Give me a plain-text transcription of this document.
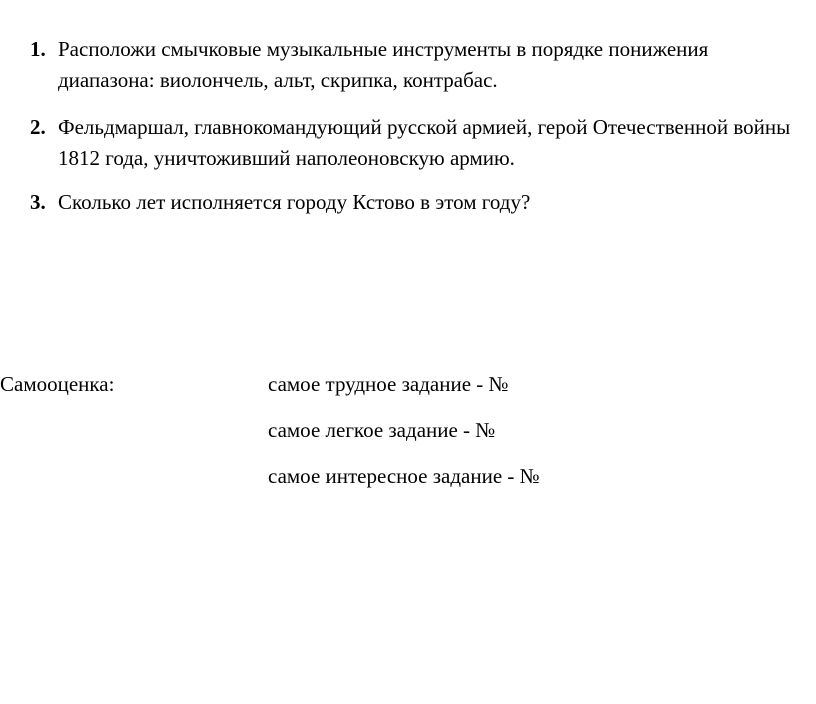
1. Расположи смычковые музыкальные инструменты в порядке понижения диапазона: виолончель, альт, скрипка, контрабас.
2. Фельдмаршал, главнокомандующий русской армией, герой Отечественной войны 1812 года, уничтоживший наполеоновскую армию.
3. Сколько лет исполняется городу Кстово в этом году?
Самооценка:	самое трудное задание - №
самое легкое задание - №
самое интересное задание - №
